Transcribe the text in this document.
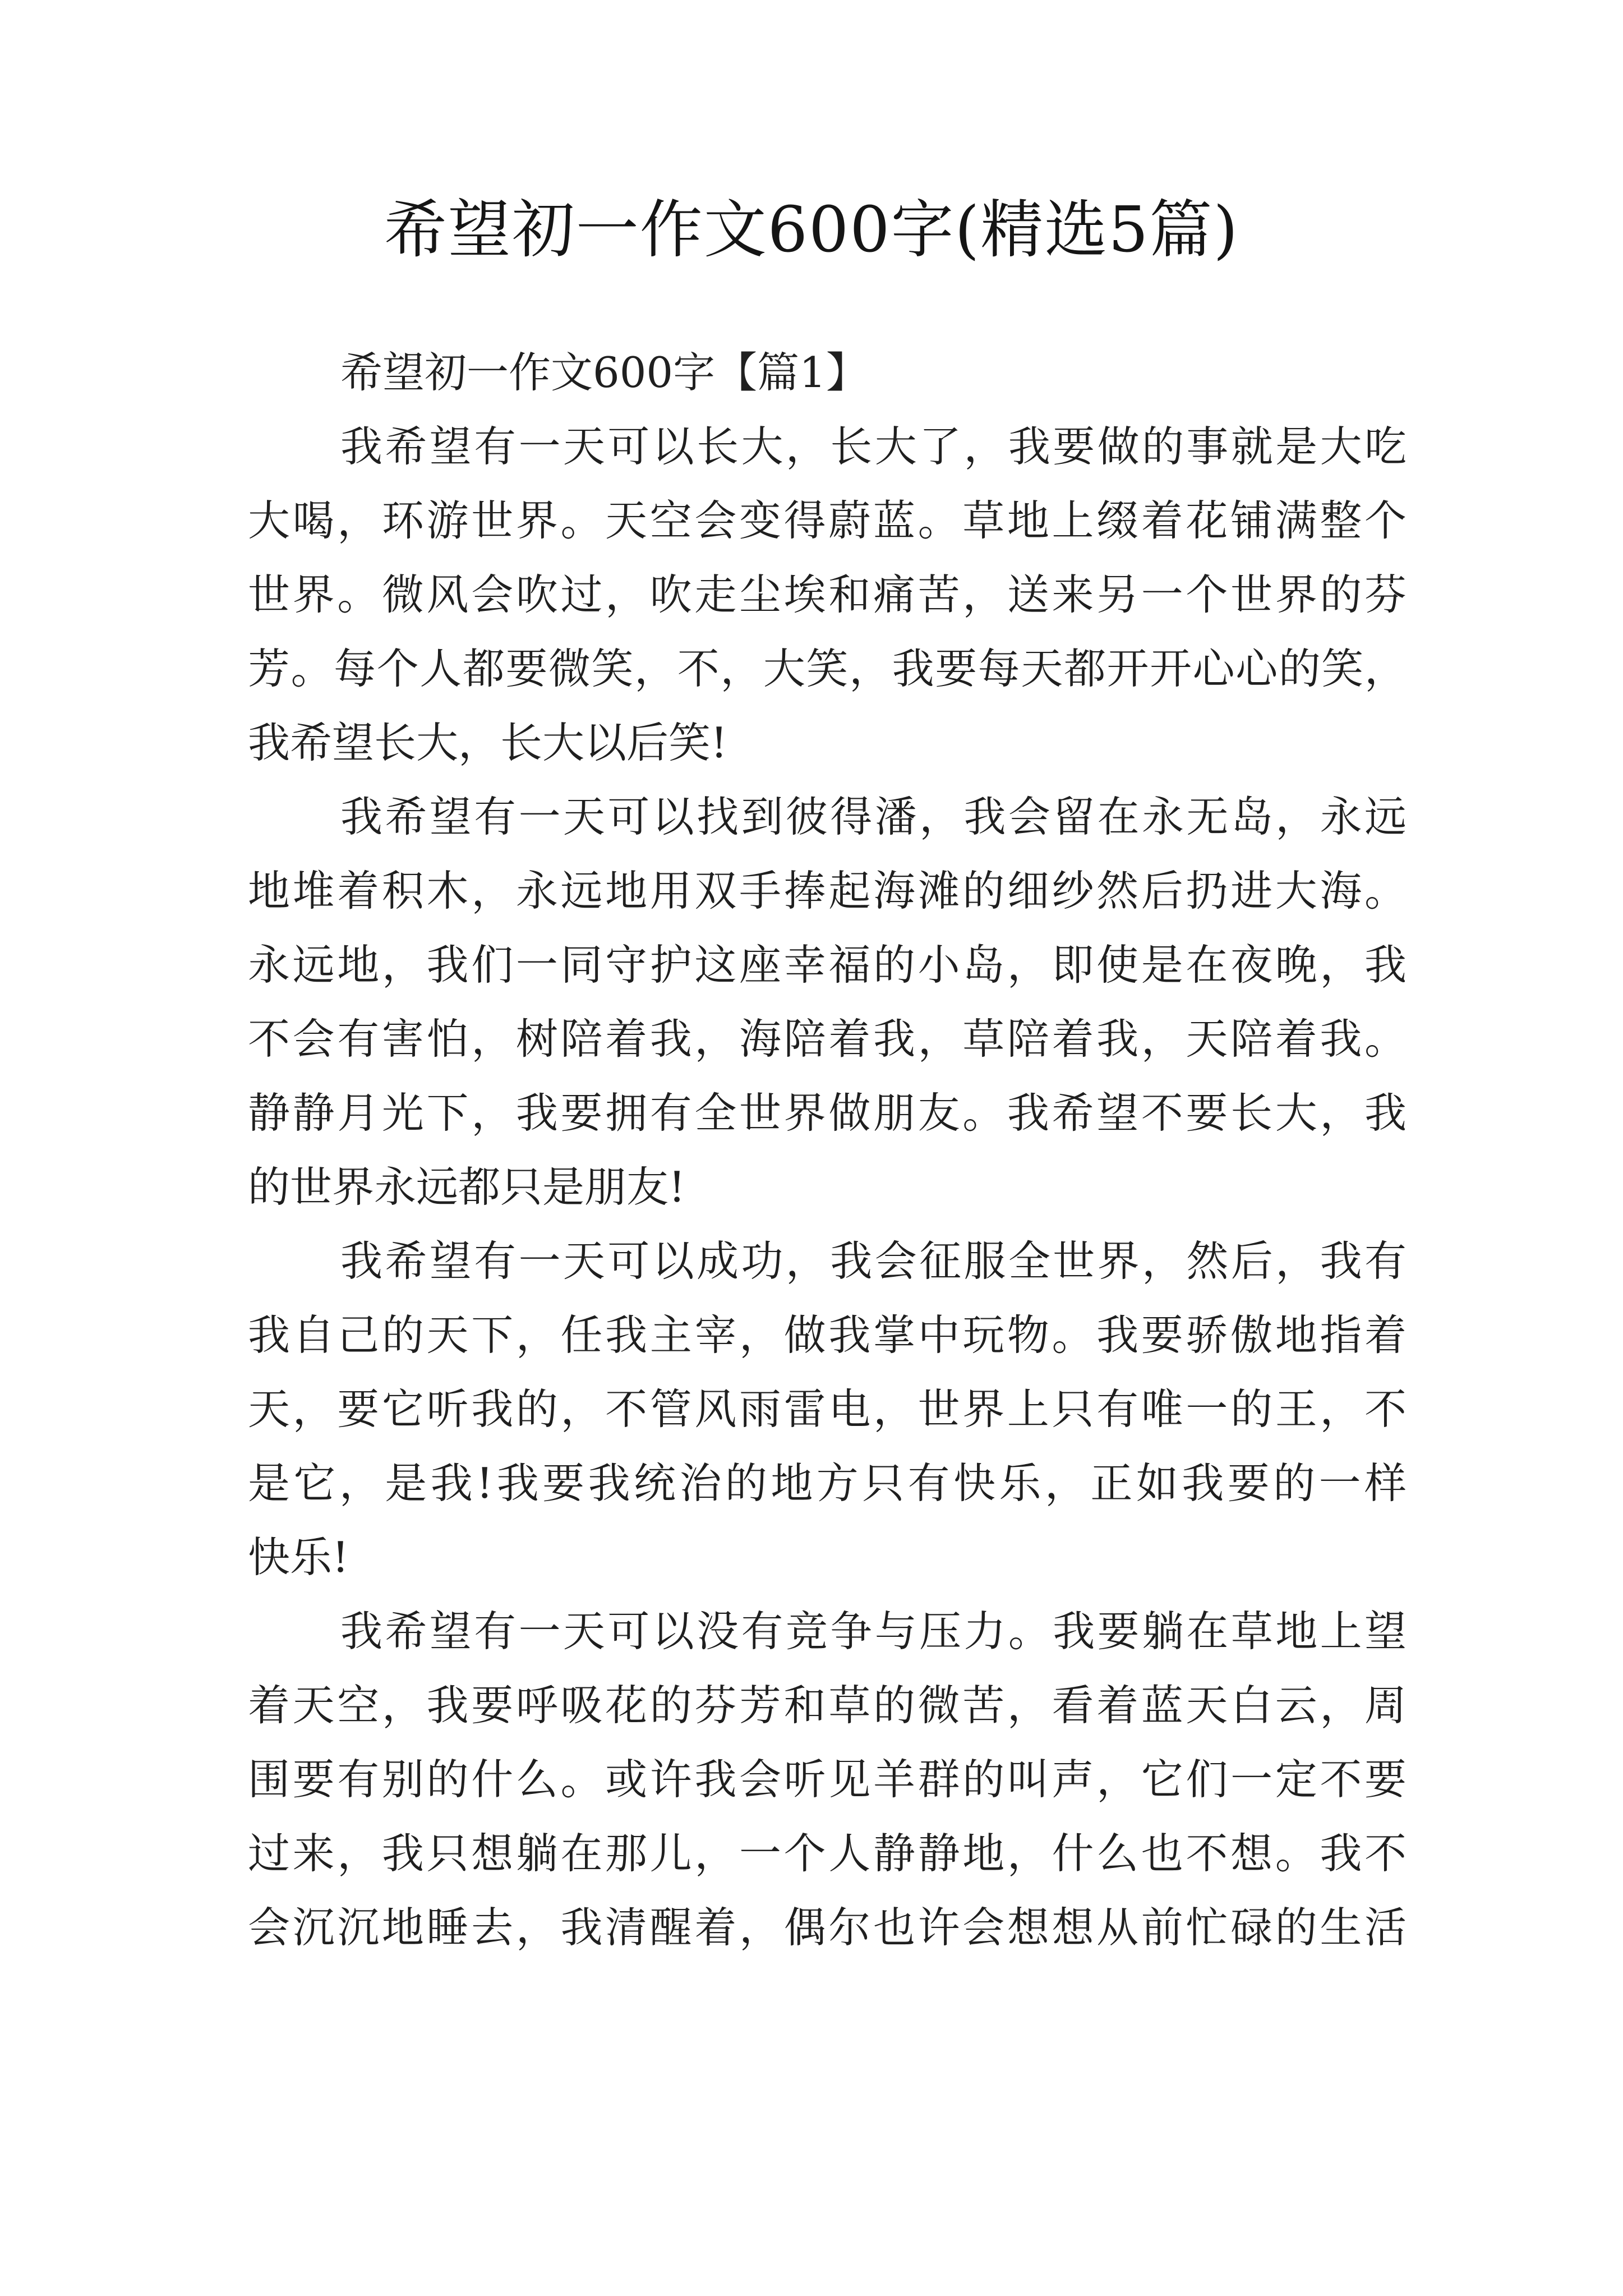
希望初一作文600字(精选5篇)
希望初一作文600字【篇1】

我希望有一天可以长大，长大了，我要做的事就是大吃

大喝，环游世界。天空会变得蔚蓝。草地上缀着花铺满整个

世界。微风会吹过，吹走尘埃和痛苦，送来另一个世界的芬

芳。每个人都要微笑，不，大笑，我要每天都开开心心的笑，

我希望长大，长大以后笑!

我希望有一天可以找到彼得潘，我会留在永无岛，永远

地堆着积木，永远地用双手捧起海滩的细纱然后扔进大海。

永远地，我们一同守护这座幸福的小岛，即使是在夜晚，我

不会有害怕，树陪着我，海陪着我，草陪着我，天陪着我。

静静月光下，我要拥有全世界做朋友。我希望不要长大，我

的世界永远都只是朋友!

我希望有一天可以成功，我会征服全世界，然后，我有

我自己的天下，任我主宰，做我掌中玩物。我要骄傲地指着

天，要它听我的，不管风雨雷电，世界上只有唯一的王，不

是它，是我!我要我统治的地方只有快乐，正如我要的一样

快乐!

我希望有一天可以没有竞争与压力。我要躺在草地上望

着天空，我要呼吸花的芬芳和草的微苦，看着蓝天白云，周

围要有别的什么。或许我会听见羊群的叫声，它们一定不要

过来，我只想躺在那儿，一个人静静地，什么也不想。我不

会沉沉地睡去，我清醒着，偶尔也许会想想从前忙碌的生活
